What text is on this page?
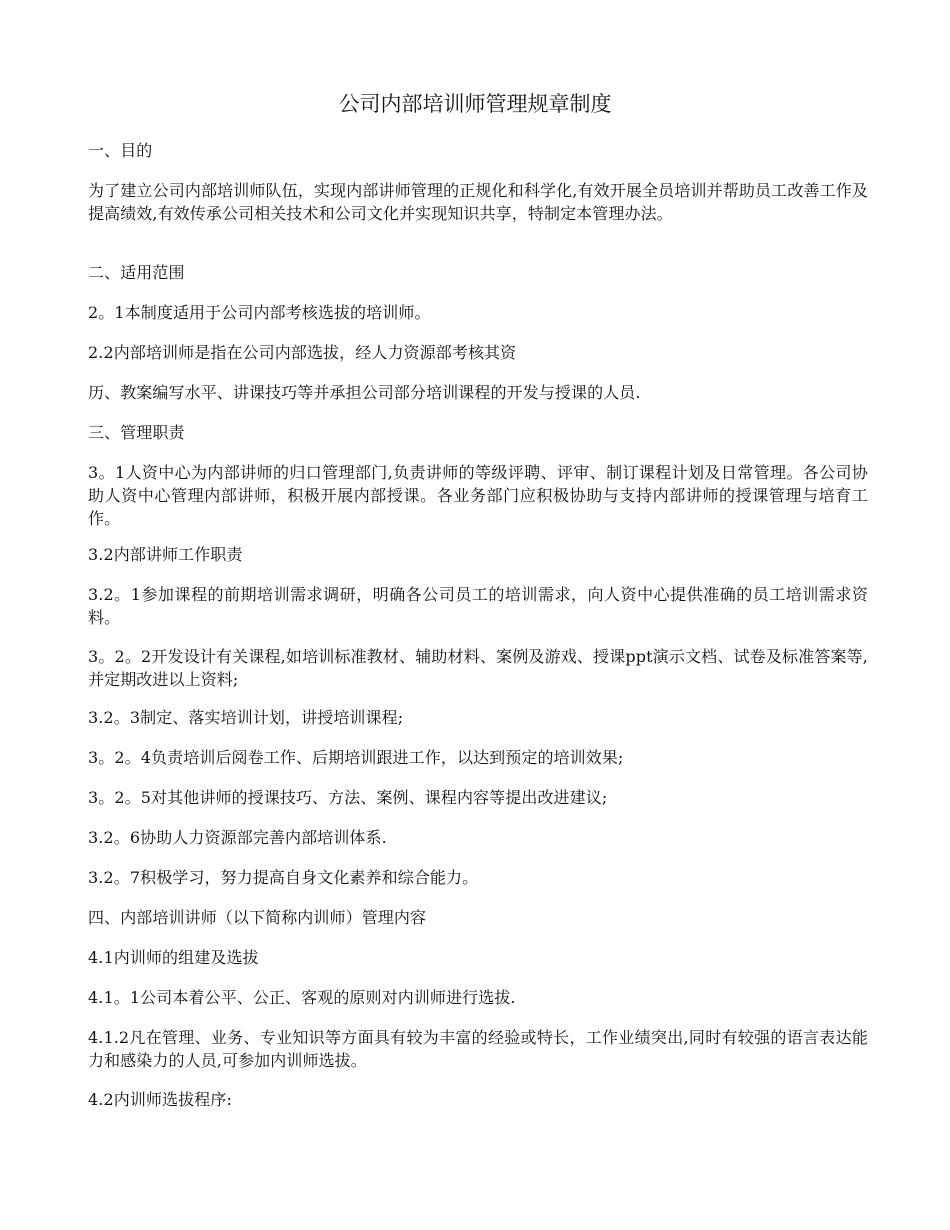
公司内部培训师管理规章制度

一、目的

为了建立公司内部培训师队伍，实现内部讲师管理的正规化和科学化,有效开展全员培训并帮助员工改善工作及提高绩效,有效传承公司相关技术和公司文化并实现知识共享，特制定本管理办法。

二、适用范围

2。1本制度适用于公司内部考核选拔的培训师。

2.2内部培训师是指在公司内部选拔，经人力资源部考核其资

历、教案编写水平、讲课技巧等并承担公司部分培训课程的开发与授课的人员.

三、管理职责

3。1人资中心为内部讲师的归口管理部门,负责讲师的等级评聘、评审、制订课程计划及日常管理。各公司协助人资中心管理内部讲师，积极开展内部授课。各业务部门应积极协助与支持内部讲师的授课管理与培育工作。

3.2内部讲师工作职责

3.2。1参加课程的前期培训需求调研，明确各公司员工的培训需求，向人资中心提供准确的员工培训需求资料。

3。2。2开发设计有关课程,如培训标准教材、辅助材料、案例及游戏、授课ppt演示文档、试卷及标准答案等,并定期改进以上资料;

3.2。3制定、落实培训计划，讲授培训课程;

3。2。4负责培训后阅卷工作、后期培训跟进工作，以达到预定的培训效果;

3。2。5对其他讲师的授课技巧、方法、案例、课程内容等提出改进建议;

3.2。6协助人力资源部完善内部培训体系.

3.2。7积极学习，努力提高自身文化素养和综合能力。

四、内部培训讲师（以下简称内训师）管理内容

4.1内训师的组建及选拔

4.1。1公司本着公平、公正、客观的原则对内训师进行选拔.

4.1.2凡在管理、业务、专业知识等方面具有较为丰富的经验或特长，工作业绩突出,同时有较强的语言表达能力和感染力的人员,可参加内训师选拔。

4.2内训师选拔程序:
